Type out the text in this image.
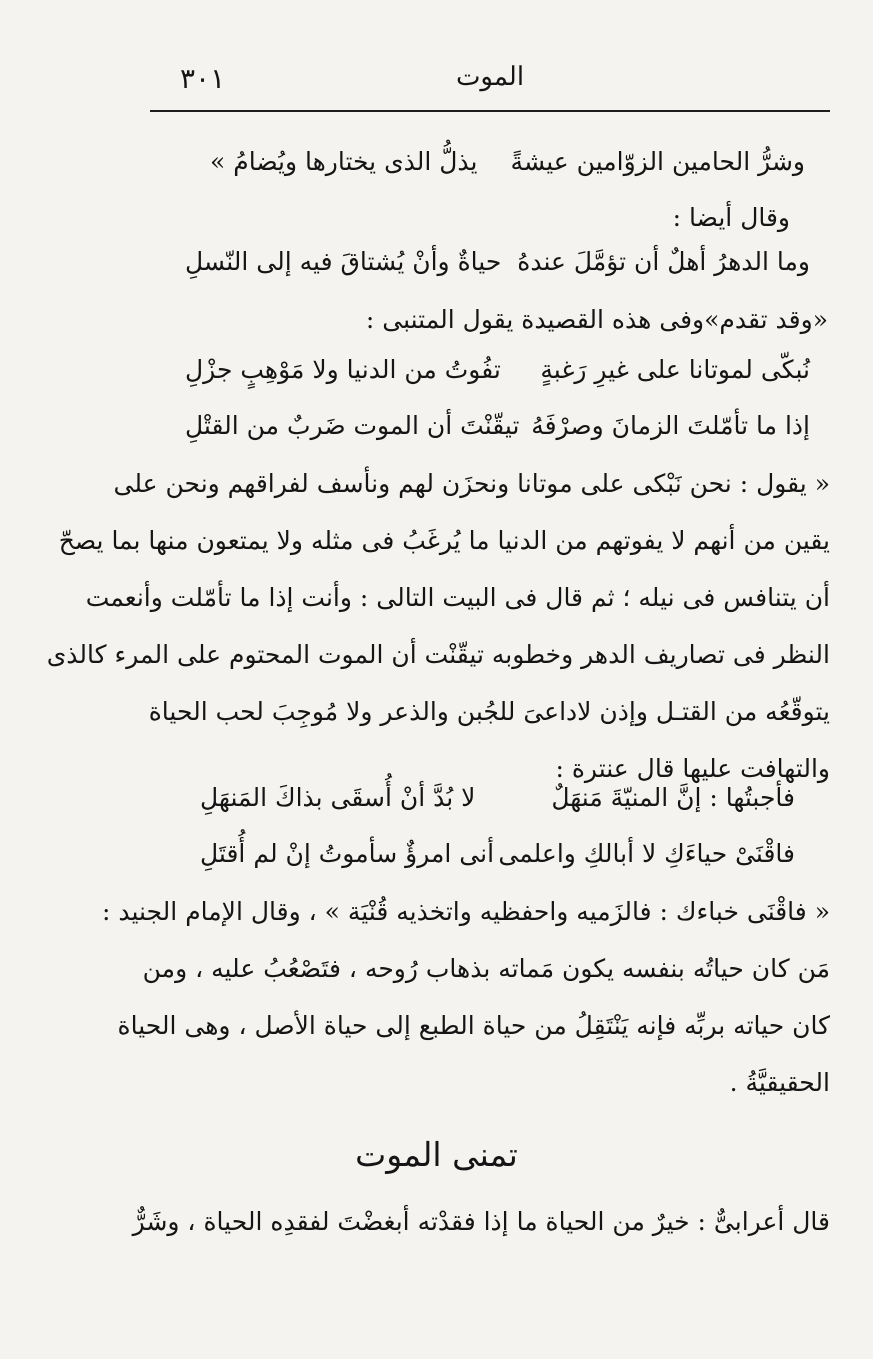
٣٠١	الموت
وشرُّ الحامين الزوّامين عيشةً
يذلُّ الذى يختارها ويُضامُ »
وقال أيضا :
وما الدهرُ أهلٌ أن تؤمَّلَ عندهُ
حياةٌ وأنْ يُشتاقَ فيه إلى النّسلِ
«وقد تقدم»وفى هذه القصيدة يقول المتنبى :
نُبكّى لموتانا على غيرِ رَغبةٍ
تفُوتُ من الدنيا ولا مَوْهِبٍ جزْلِ
إذا ما تأمّلتَ الزمانَ وصرْفَهُ
تيقّنْتَ أن الموت ضَربٌ من القتْلِ
« يقول : نحن نَبْكى على موتانا ونحزَن لهم ونأسف لفراقهم ونحن على
يقين من أنهم لا يفوتهم من الدنيا ما يُرغَبُ فى مثله ولا يمتعون منها بما يصحّ
أن يتنافس فى نيله ؛ ثم قال فى البيت التالى : وأنت إذا ما تأمّلت وأنعمت
النظر فى تصاريف الدهر وخطوبه تيقّنْت أن الموت المحتوم على المرء كالذى
يتوقّعُه من القتـل وإذن لاداعىَ للجُبن والذعر ولا مُوجِبَ لحب الحياة
والتهافت عليها قال عنترة :
فأجبتُها : إنَّ المنيّةَ مَنهَلٌ
لا بُدَّ أنْ أُسقَى بذاكَ المَنهَلِ
فاقْنَىْ حياءَكِ لا أبالكِ واعلمى
أنى امرؤٌ سأموتُ إنْ لم أُقتَلِ
« فاقْنَى خباءك : فالزَميه واحفظيه واتخذيه قُنْيَة » ، وقال الإمام الجنيد :
مَن كان حياتُه بنفسه يكون مَماته بذهاب رُوحه ، فتَصْعُبُ عليه ، ومن
كان حياته بربِّه فإنه يَنْتَقِلُ من حياة الطبع إلى حياة الأصل ، وهى الحياة
الحقيقيَّةُ .
تمنى الموت
قال أعرابىٌّ : خيرٌ من الحياة ما إذا فقدْته أبغضْتَ لفقدِه الحياة ، وشَرٌّ
